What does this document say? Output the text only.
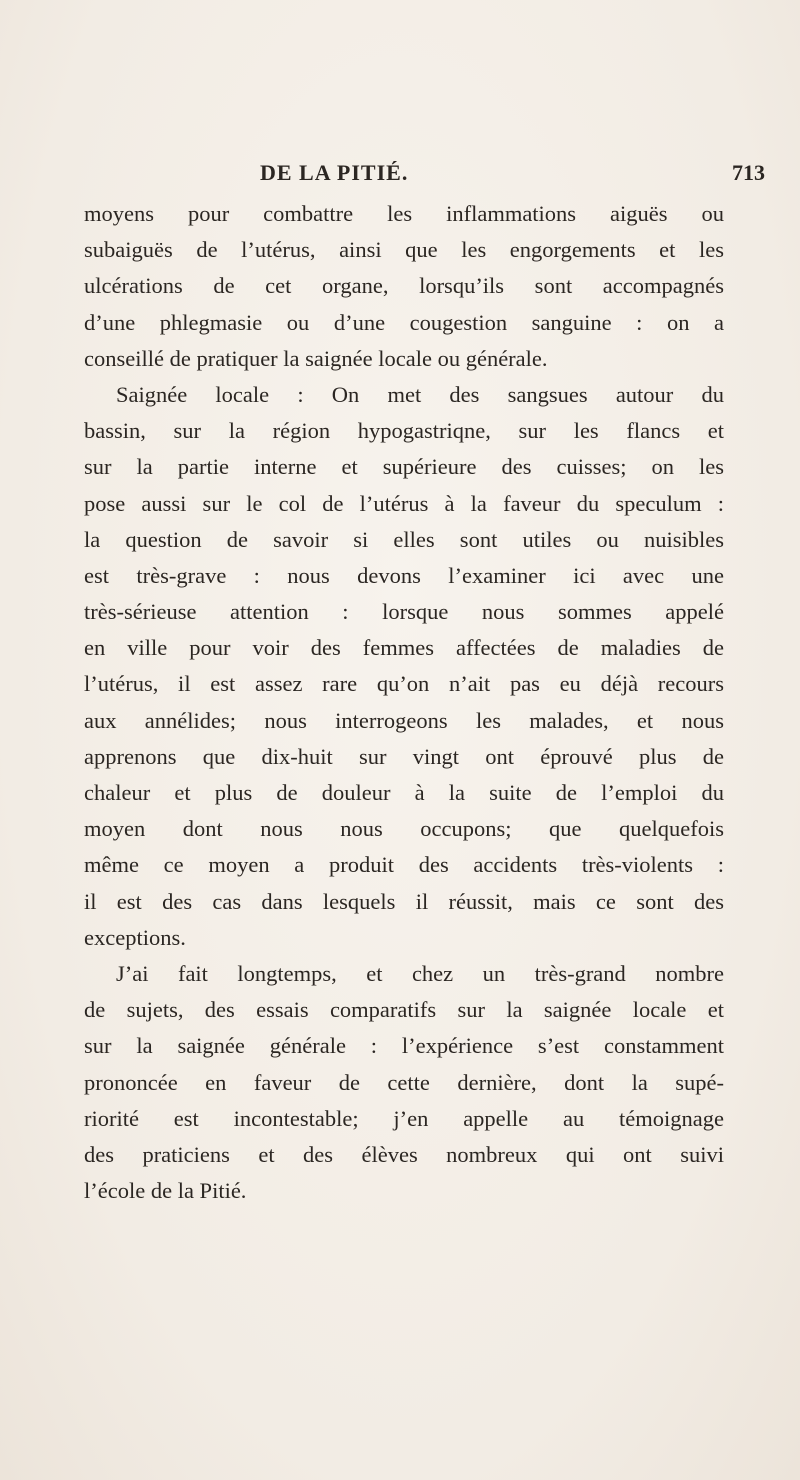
DE LA PITIÉ.	713
moyens pour combattre les inflammations aiguës ou
subaiguës de l’utérus, ainsi que les engorgements et les
ulcérations de cet organe, lorsqu’ils sont accompagnés
d’une phlegmasie ou d’une cougestion sanguine : on a
conseillé de pratiquer la saignée locale ou générale.
Saignée locale : On met des sangsues autour du
bassin, sur la région hypogastriqne, sur les flancs et
sur la partie interne et supérieure des cuisses; on les
pose aussi sur le col de l’utérus à la faveur du speculum :
la question de savoir si elles sont utiles ou nuisibles
est très-grave : nous devons l’examiner ici avec une
très-sérieuse attention : lorsque nous sommes appelé
en ville pour voir des femmes affectées de maladies de
l’utérus, il est assez rare qu’on n’ait pas eu déjà recours
aux annélides; nous interrogeons les malades, et nous
apprenons que dix-huit sur vingt ont éprouvé plus de
chaleur et plus de douleur à la suite de l’emploi du
moyen dont nous nous occupons; que quelquefois
même ce moyen a produit des accidents très-violents :
il est des cas dans lesquels il réussit, mais ce sont des
exceptions.
J’ai fait longtemps, et chez un très-grand nombre
de sujets, des essais comparatifs sur la saignée locale et
sur la saignée générale : l’expérience s’est constamment
prononcée en faveur de cette dernière, dont la supé-
riorité est incontestable; j’en appelle au témoignage
des praticiens et des élèves nombreux qui ont suivi
l’école de la Pitié.
